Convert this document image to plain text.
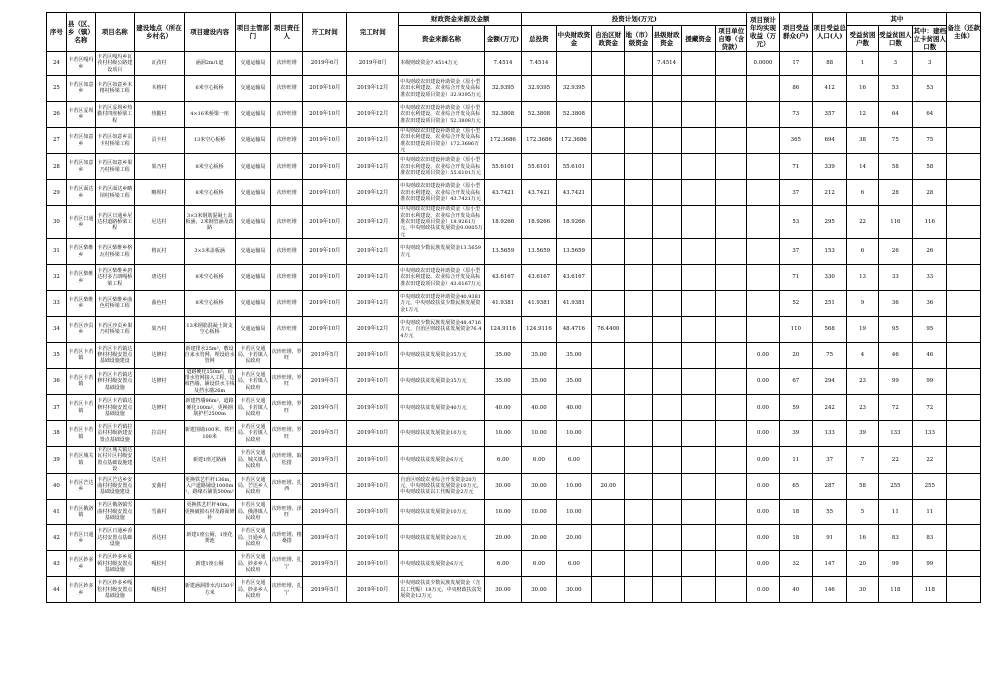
序号	县（区、乡（镇）名称	项目名称	建设地点（所在乡村名）	项目建设内容	项目主管部门	项目责任人	开工时间	完工时间	财政资金来源及金额		投资计划(万元)							项目预计年均实现收益（万元）	项目受益群众(户)	项目受益总人口(人)	其中			备注（还款主体）
									资金来源名称	金额(万元)	总投资	中央财政资金	自治区财政资金	地（市）级资金	县级财政资金	援藏资金	项目单位自筹（含贷款）				受益贫困户数	受益贫困人口数	其中：建档立卡贫困人口数	
24	卡若区嘎玛乡	卡若区嘎玛乡瓦孜村村级公路建设项目	瓦孜村	涵洞2m/1道	交通运输局	次珍旺堆	2019年6月	2019年8月	本级财政资金7.4514万元	7.4514	7.4514				7.4514			0.0000	17	88	1	3	3	
25	卡若区如意乡	卡若区如意乡木格村桥梁工程	木格村	6米空心板桥	交通运输局	次珍旺堆	2019年10月	2019年12月	中央财政农田建设补助资金（原小型农田水利建设、农业综合开发及高标准农田建设项目资金）32.9395万元	32.9395	32.9395	32.9395							86	412	16	53	53	
26	卡若区妥坝乡	卡若区妥坝乡热勤村四座桥梁工程	热勤村	4×16米桥梁一座	交通运输局	次珍旺堆	2019年10月	2019年12月	中央财政农田建设补助资金（原小型农田水利建设、农业综合开发及高标准农田建设项目资金）52.3808万元	52.3808	52.3808	52.3808							73	357	12	64	64	
27	卡若区如意乡	卡若区如意乡贡卡村桥梁工程	贡卡村	13米空心板桥	交通运输局	次珍旺堆	2019年10月	2019年12月	中央财政农田建设补助资金（原小型农田水利建设、农业综合开发及高标准农田建设项目资金）172.3686万元	172.3686	172.3686	172.3686							365	694	38	75	75	
28	卡若区如意乡	卡若区如意乡果乃村桥梁工程	果乃村	8米空心板桥	交通运输局	次珍旺堆	2019年10月	2019年12月	中央财政农田建设补助资金（原小型农田水利建设、农业综合开发及高标准农田建设项目资金）55.6101万元	55.6101	55.6101	55.6101							71	339	14	58	58	
29	卡若区面达乡	卡若区面达乡略坝村桥梁工程	略坝村	8米空心板桥	交通运输局	次珍旺堆	2019年10月	2019年12月	中央财政农田建设补助资金（原小型农田水利建设、农业综合开发及高标准农田建设项目资金）43.7421万元	43.7421	43.7421	43.7421							37	212	6	28	28	
30	卡若区日通乡	卡若区日通乡尼达村道路桥梁工程	尼达村	3×3米钢筋混凝土盖板涵，2米钢管涵及改路	交通运输局	次珍旺堆	2019年10月	2019年12月	中央财政农田建设补助资金（原小型农田水利建设、农业综合开发及高标准农田建设项目资金）18.9261万元，中央财政扶贫发展资金0.0005万元	18.9266	18.9266	18.9266							53	295	22	116	116	
31	卡若区柴维乡	卡若区柴维乡格瓦村桥梁工程	格瓦村	3×3米盖板涵	交通运输局	次珍旺堆	2019年10月	2019年12月	中央财政少数民族发展资金13.5659万元	13.5659	13.5659	13.5659							37	153	6	26	26	
32	卡若区柴维乡	卡若区柴维乡唐达村多吉朗嘎桥梁工程	唐达村	8米空心板桥	交通运输局	次珍旺堆	2019年10月	2019年12月	中央财政农田建设补助资金（原小型农田水利建设、农业综合开发及高标准农田建设项目资金）43.6167万元	43.6167	43.6167	43.6167							71	330	13	33	33	
33	卡若区柴维乡	卡若区柴维乡曲色村桥梁工程	曲色村	8米空心板桥	交通运输局	次珍旺堆	2019年10月	2019年12月	中央财政农田建设补助资金40.9381万元，中央财政扶贫少数民族发展资金1万元	41.9381	41.9381	41.9381							52	251	9	36	36	
34	卡若区沙贡乡	卡若区沙贡乡果乃村桥梁工程	果乃村	13米钢筋混凝土简支空心板桥	交通运输局	次珍旺堆	2019年10月	2019年12月	中央财政少数民族发展资金48.4716万元，自治区财政扶贫发展资金76.44万元	124.9116	124.9116	48.4716	76.4400						110	568	19	95	95	
35	卡若区卡若镇	卡若区卡若镇达修村村级安置点基础设施建设	达修村	新建排水25m²，敷设自来水管网、埋设给水管网	卡若区交通局、卡若镇人民政府	次珍旺堆、罗旺	2019年5月	2019年10月	中央财政扶贫发展资金35万元	35.00	35.00	35.00						0.00	20	75	4	46	46	
36	卡若区卡若镇	卡若区卡若镇达修村村级安置点基础设施	达修村	道路硬化150m²，给排水管网接入工程，边坡挡墙，铺设供水主线及挡水墙26m	卡若区交通局、卡若镇人民政府	次珍旺堆、罗旺	2019年5月	2019年10月	中央财政扶贫发展资金35万元	35.00	35.00	35.00						0.00	67	294	23	99	99	
37	卡若区卡若镇	卡若区卡若镇达修村村级安置点基础设施	达修村	新建挡墙96m²，道路硬化100m²，更换钢筋护栏2500m	卡若区交通局、卡若镇人民政府	次珍旺堆、罗旺	2019年5月	2019年10月	中央财政扶贫发展资金40万元	40.00	40.00	40.00						0.00	59	242	23	72	72	
38	卡若区卡若镇	卡若区卡若镇拉贡村村级新建安置点基础设施	拉贡村	新建围墙100米，铁栏100米	卡若区交通局、卡若镇人民政府	次珍旺堆、罗旺	2019年5月	2019年10月	中央财政扶贫发展资金10万元	10.00	10.00	10.00						0.00	39	133	39	133	133	
39	卡若区城关镇	卡若区城关镇达瓦村片区村级安置点基础设施建设	达瓦村	新建1座过路涵	卡若区交通局、城关镇人民政府	次珍旺堆、取松措	2019年5月	2019年10月	中央财政扶贫发展资金6万元	6.00	6.00	6.00						0.00	11	37	7	22	22	
40	卡若区芒达乡	卡若区芒达乡安曲村村级安置点基础设施建设	安曲村	更换铁艺栏杆136m，入户道路铺设1000m²，路缘石铺装500m²	卡若区交通局、芒达乡人民政府	次珍旺堆、扎西	2019年5月	2019年10月	自治区财政农业综合开发资金20万元，中央财政扶贫发展资金10万元，中央财政扶贫以工代赈资金2万元	30.00	30.00	10.00	20.00					0.00	65	287	58	255	255	
41	卡若区俄洛镇	卡若区俄洛镇雪曲村村级安置点基础设施	雪曲村	更换铁艺栏杆40m，更换破损石材及路面修补	卡若区交通局、俄洛镇人民政府	次珍旺堆、泽旺	2019年5月	2019年10月	中央财政扶贫发展资金10万元	10.00	10.00	10.00						0.00	18	55	5	11	11	
42	卡若区日通乡	卡若区日通乡香达村安置点基础设施	香达村	新建1座公厕，1座化粪池	卡若区交通局、日通乡人民政府	次珍旺堆、格桑措	2019年5月	2019年10月	中央财政扶贫发展资金20万元	20.00	20.00	20.00						0.00	18	91	16	83	83	
43	卡若区妙多乡	卡若区妙多乡夏顿村村级安置点基础设施	嘎松村	新建1座公厕	卡若区交通局、妙多乡人民政府	次珍旺堆、扎宁	2019年5月	2019年10月	中央财政扶贫发展资金6万元	6.00	6.00	6.00						0.00	32	147	20	99	99	
44	卡若区妙多乡	卡若区妙多乡嘎松村村级安置点基础设施	嘎松村	新建涵洞排水沟150平方米	卡若区交通局、妙多乡人民政府	次珍旺堆、扎宁	2019年5月	2019年10月	中央财政扶贫少数民族发展资金（含以工代赈）18万元，中央财政扶贫发展资金12万元	30.00	30.00	30.00						0.00	40	146	30	118	118	
